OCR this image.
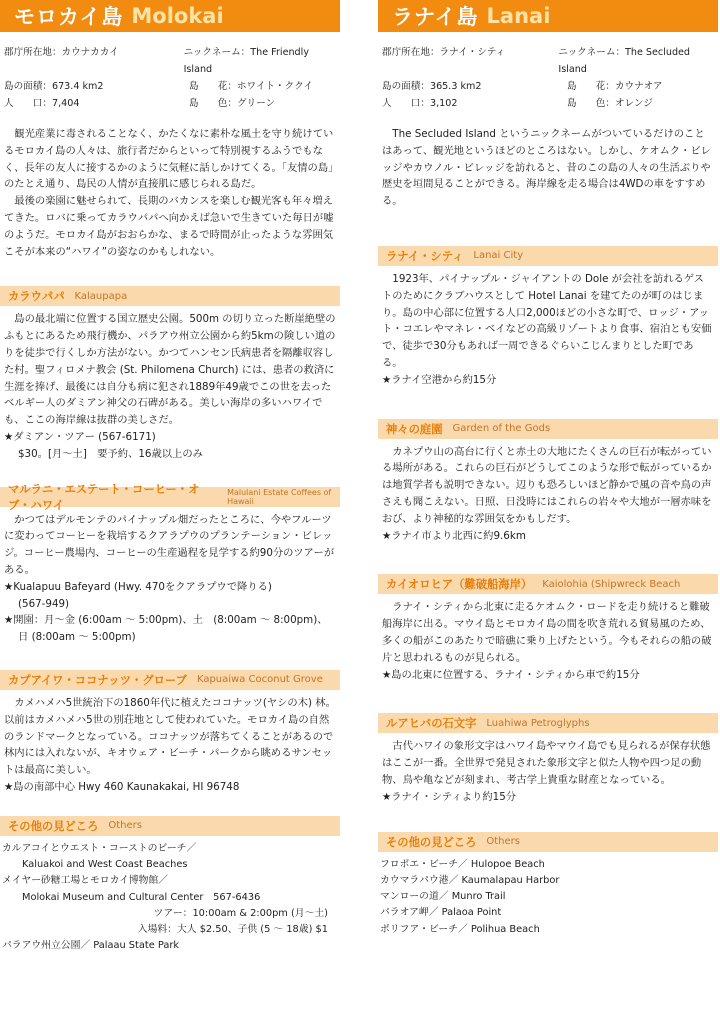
モロカイ島 Molokai
郡庁所在地：カウナカカイ	ニックネーム：The Friendly Island
島の面積：673.4 km2	島　　花：ホワイト・ククイ
人　　口：7,404	島　　色：グリーン

観光産業に毒されることなく、かたくなに素朴な風土を守り続けているモロカイ島の人々は、旅行者だからといって特別視するふうでもなく、長年の友人に接するかのように気軽に話しかけてくる。「友情の島」のたとえ通り、島民の人情が直接肌に感じられる島だ。

最後の楽園に魅せられて、長期のバカンスを楽しむ観光客も年々増えてきた。ロバに乗ってカラウパパへ向かえば急いで生きていた毎日が嘘のようだ。モロカイ島がおおらかな、まるで時間が止ったような雰囲気こそが本来の“ハワイ”の姿なのかもしれない。

カラウパパ Kalaupapa

島の最北端に位置する国立歴史公園。500m の切り立った断崖絶壁のふもとにあるため飛行機か、パラアウ州立公園から約5kmの険しい道のりを徒歩で行くしか方法がない。かつてハンセン氏病患者を隔離収容した村。聖フィロメナ教会 (St. Philomena Church) には、患者の救済に生涯を捧げ、最後には自分も病に犯され1889年49歳でこの世を去ったベルギー人のダミアン神父の石碑がある。美しい海岸の多いハワイでも、ここの海岸線は抜群の美しさだ。

★ダミアン・ツアー (567-6171)
$30。[月〜土]　要予約、16歳以上のみ
マルラニ・エステート・コーヒー・オブ・ハワイ
Malulani Estate Coffees of Hawaii

かつてはデルモンテのパイナップル畑だったところに、今やフルーツに変わってコーヒーを栽培するクアラプウのプランテーション・ビレッジ。コーヒー農場内、コーヒーの生産過程を見学する約90分のツアーがある。

★Kualapuu Bafeyard (Hwy. 470をクアラプウで降りる)
(567-949)
★開園：月〜金 (6:00am 〜 5:00pm)、土　(8:00am 〜 8:00pm)、
日 (8:00am 〜 5:00pm)
カプアイワ・ココナッツ・グローブ Kapuaiwa Coconut Grove

カメハメハ5世統治下の1860年代に植えたココナッツ(ヤシの木) 林。以前はカメハメハ5世の別荘地として使われていた。モロカイ島の自然のランドマークとなっている。ココナッツが落ちてくることがあるので林内には入れないが、キオウェア・ビーチ・パークから眺めるサンセットは最高に美しい。

★島の南部中心 Hwy 460 Kaunakakai, HI 96748
その他の見どころ Others
カルアコイとウエスト・コーストのビーチ／
Kaluakoi and West Coast Beaches
メイヤー砂糖工場とモロカイ博物館／
Molokai Museum and Cultural Center　567-6436
ツアー：10:00am & 2:00pm (月〜土)
入場料：大人 $2.50、子供 (5 〜 18歳) $1
パラアウ州立公園／ Palaau State Park
ラナイ島 Lanai
郡庁所在地：ラナイ・シティ	ニックネーム：The Secluded Island
島の面積：365.3 km2	島　　花：カウナオア
人　　口：3,102	島　　色：オレンジ

The Secluded Island というニックネームがついているだけのことはあって、観光地というほどのところはない。しかし、ケオムク・ビレッジやカウノル・ビレッジを訪れると、昔のこの島の人々の生活ぶりや歴史を垣間見ることができる。海岸線を走る場合は4WDの車をすすめる。

ラナイ・シティ Lanai City

1923年、パイナップル・ジャイアントの Dole が会社を訪れるゲストのためにクラブハウスとして Hotel Lanai を建てたのが町のはじまり。島の中心部に位置する人口2,000ほどの小さな町で、ロッジ・アット・コエレやマネレ・ベイなどの高級リゾートより食事、宿泊とも安価で、徒歩で30分もあれば一周できるぐらいこじんまりとした町である。

★ラナイ空港から約15分
神々の庭園 Garden of the Gods

カネプウ山の高台に行くと赤土の大地にたくさんの巨石が転がっている場所がある。これらの巨石がどうしてこのような形で転がっているかは地質学者も説明できない。辺りも恐ろしいほど静かで風の音や鳥の声さえも聞こえない。日照、日没時にはこれらの岩々や大地が一層赤味をおび、より神秘的な雰囲気をかもしだす。

★ラナイ市より北西に約9.6km
カイオロヒア（難破船海岸） Kaiolohia (Shipwreck Beach

ラナイ・シティから北東に走るケオムク・ロードを走り続けると難破船海岸に出る。マウイ島とモロカイ島の間を吹き荒れる貿易風のため、多くの船がこのあたりで暗礁に乗り上げたという。今もそれらの船の破片と思われるものが見られる。

★島の北東に位置する、ラナイ・シティから車で約15分
ルアヒバの石文字 Luahiwa Petroglyphs

古代ハワイの象形文字はハワイ島やマウイ島でも見られるが保存状態はここが一番。全世界で発見された象形文字と似た人物や四つ足の動物、鳥や亀などが刻まれ、考古学上貴重な財産となっている。

★ラナイ・シティより約15分
その他の見どころ Others
フロポエ・ビーチ／ Hulopoe Beach
カウマラパウ港／ Kaumalapau Harbor
マンローの道／ Munro Trail
パラオア岬／ Palaoa Point
ポリフア・ビーチ／ Polihua Beach
